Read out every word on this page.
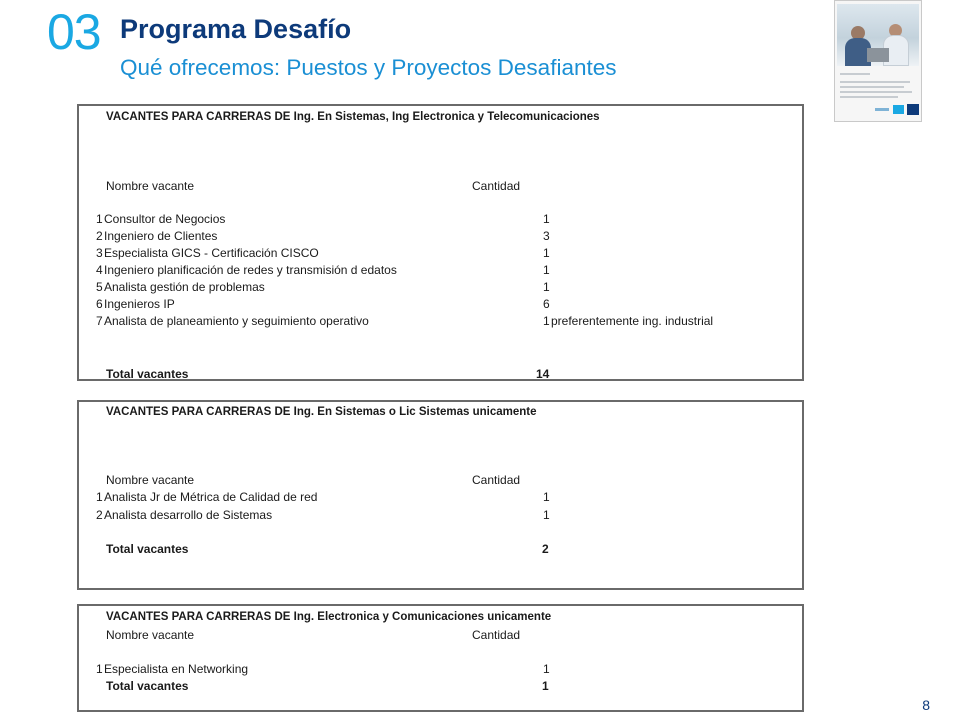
03 Programa Desafío
Qué ofrecemos: Puestos y Proyectos Desafiantes
VACANTES PARA CARRERAS DE Ing. En Sistemas, Ing Electronica y Telecomunicaciones
Nombre vacante	Cantidad
1 Consultor de Negocios	1
2 Ingeniero de Clientes	3
3 Especialista GICS - Certificación CISCO	1
4 Ingeniero planificación de redes y transmisión d edatos	1
5 Analista gestión de problemas	1
6 Ingenieros IP	6
7 Analista de planeamiento y seguimiento operativo	1 preferentemente ing. industrial
Total vacantes	14
VACANTES PARA CARRERAS DE Ing. En Sistemas o Lic Sistemas unicamente
Nombre vacante	Cantidad
1 Analista Jr de Métrica de Calidad de red	1
2 Analista desarrollo de Sistemas	1
Total vacantes	2
VACANTES PARA CARRERAS DE Ing. Electronica y Comunicaciones unicamente
Nombre vacante	Cantidad
1 Especialista en Networking	1
Total vacantes	1
8
